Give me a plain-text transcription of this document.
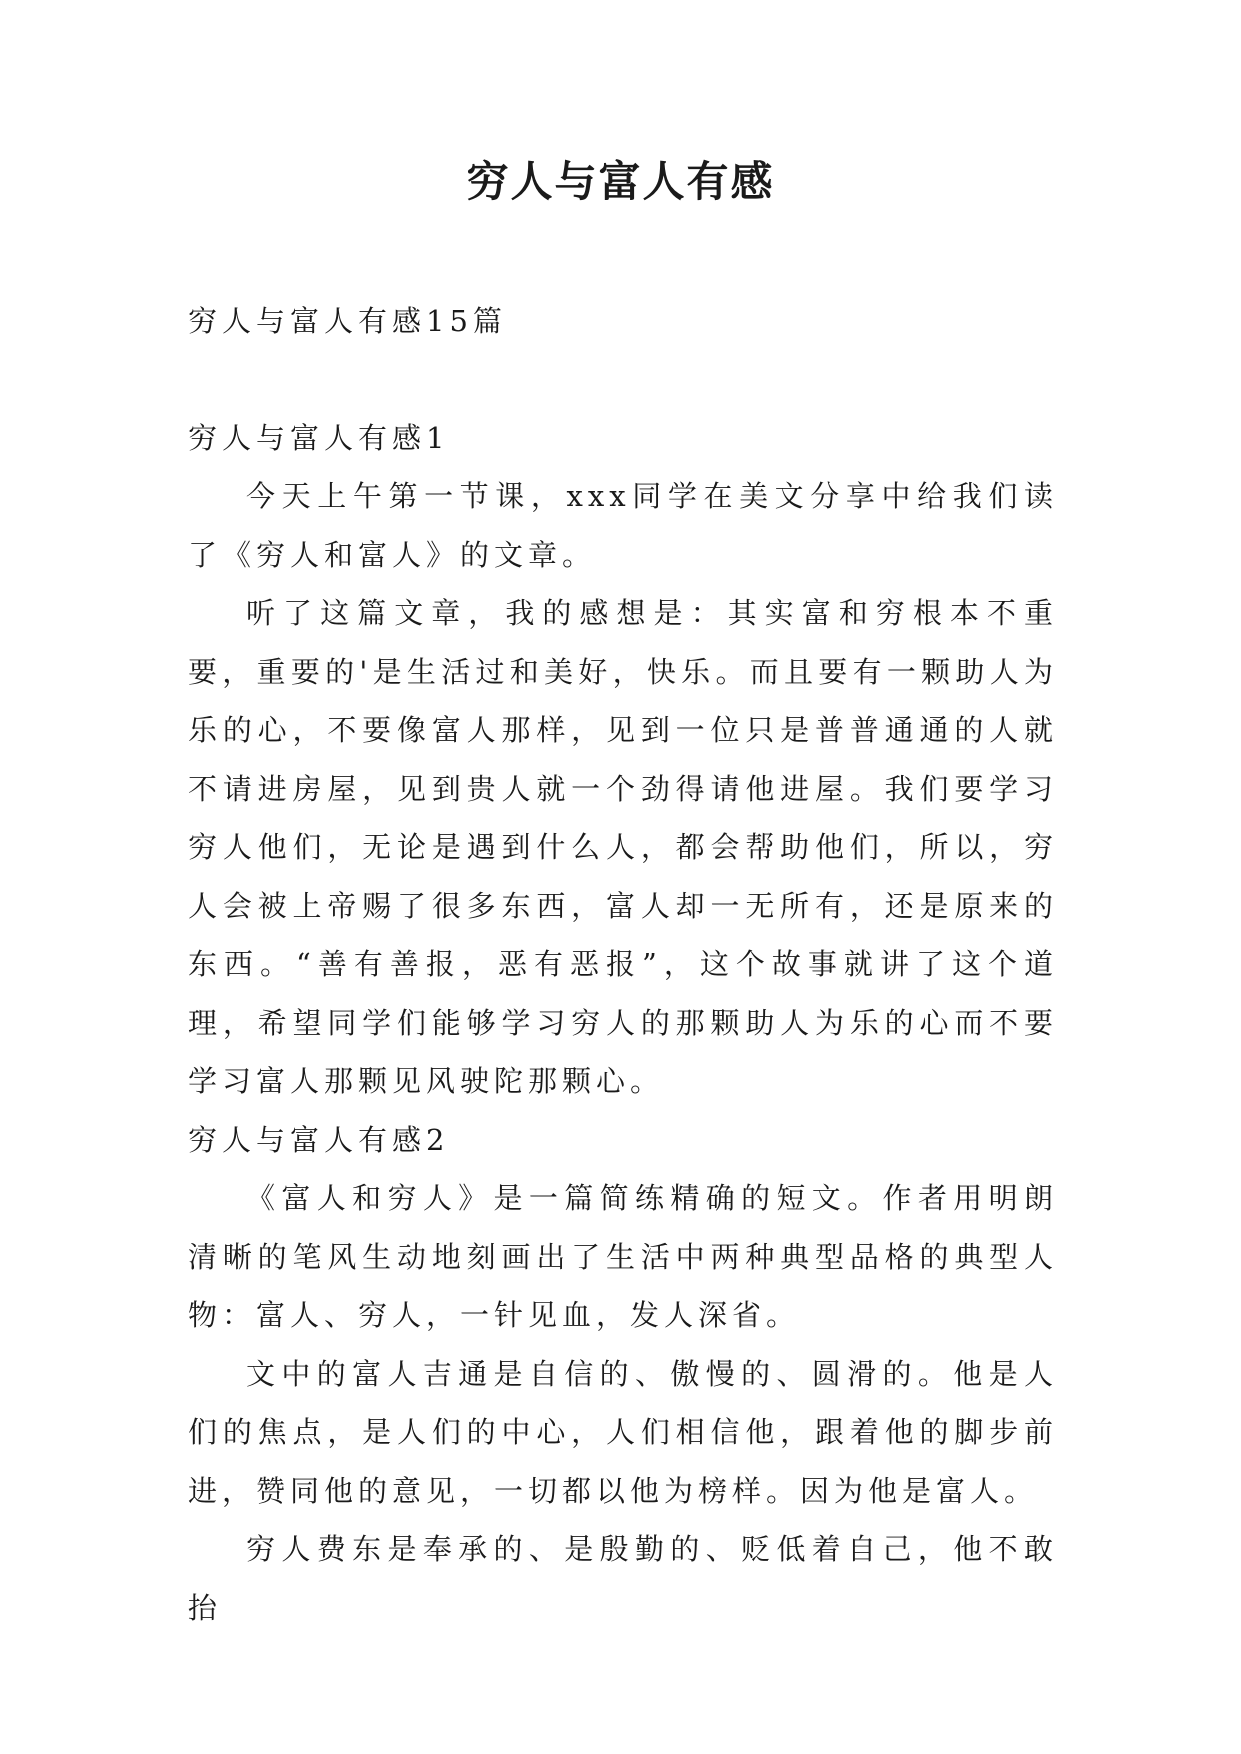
穷人与富人有感

穷人与富人有感15篇

穷人与富人有感1

今天上午第一节课，xxx同学在美文分享中给我们读了《穷人和富人》的文章。

听了这篇文章，我的感想是：其实富和穷根本不重要，重要的'是生活过和美好，快乐。而且要有一颗助人为乐的心，不要像富人那样，见到一位只是普普通通的人就不请进房屋，见到贵人就一个劲得请他进屋。我们要学习穷人他们，无论是遇到什么人，都会帮助他们，所以，穷人会被上帝赐了很多东西，富人却一无所有，还是原来的东西。“善有善报，恶有恶报”，这个故事就讲了这个道理，希望同学们能够学习穷人的那颗助人为乐的心而不要学习富人那颗见风驶陀那颗心。

穷人与富人有感2

《富人和穷人》是一篇简练精确的短文。作者用明朗清晰的笔风生动地刻画出了生活中两种典型品格的典型人物：富人、穷人，一针见血，发人深省。

文中的富人吉通是自信的、傲慢的、圆滑的。他是人们的焦点，是人们的中心，人们相信他，跟着他的脚步前进，赞同他的意见，一切都以他为榜样。因为他是富人。

穷人费东是奉承的、是殷勤的、贬低着自己，他不敢抬
